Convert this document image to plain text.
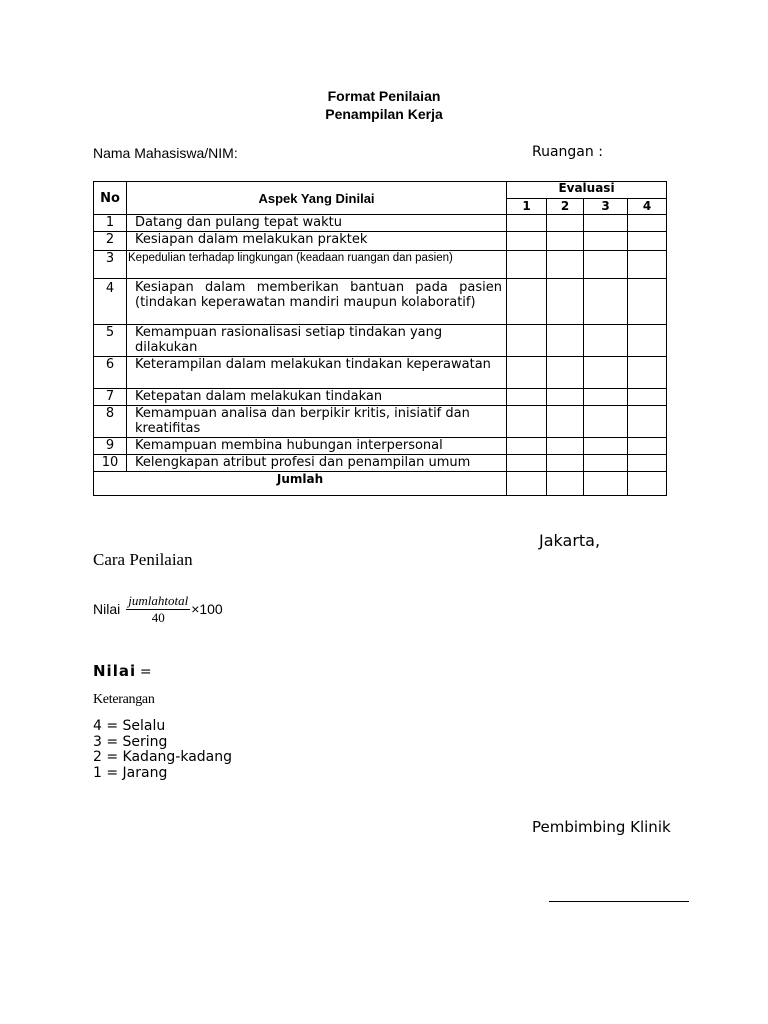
Format Penilaian
Penampilan Kerja
Nama Mahasiswa/NIM:	Ruangan :
No	Aspek Yang Dinilai	Evaluasi			
		1	2	3	4
1	Datang dan pulang tepat waktu				
2	Kesiapan dalam melakukan praktek				
3	Kepedulian terhadap lingkungan (keadaan ruangan dan pasien)				
4	Kesiapan dalam memberikan bantuan pada pasien (tindakan keperawatan mandiri maupun kolaboratif)				
5	Kemampuan rasionalisasi setiap tindakan yang dilakukan				
6	Keterampilan dalam melakukan tindakan keperawatan				
7	Ketepatan dalam melakukan tindakan				
8	Kemampuan analisa dan berpikir kritis, inisiatif dan kreatifitas				
9	Kemampuan membina hubungan interpersonal				
10	Kelengkapan atribut profesi dan penampilan umum				
Jumlah					
Jakarta,
Cara Penilaian
Nilai $\frac{\text{jumlahtotal}}{40} \times 100$
Nilai =
Keterangan
4 = Selalu
3 = Sering
2 = Kadang-kadang
1 = Jarang
Pembimbing Klinik
